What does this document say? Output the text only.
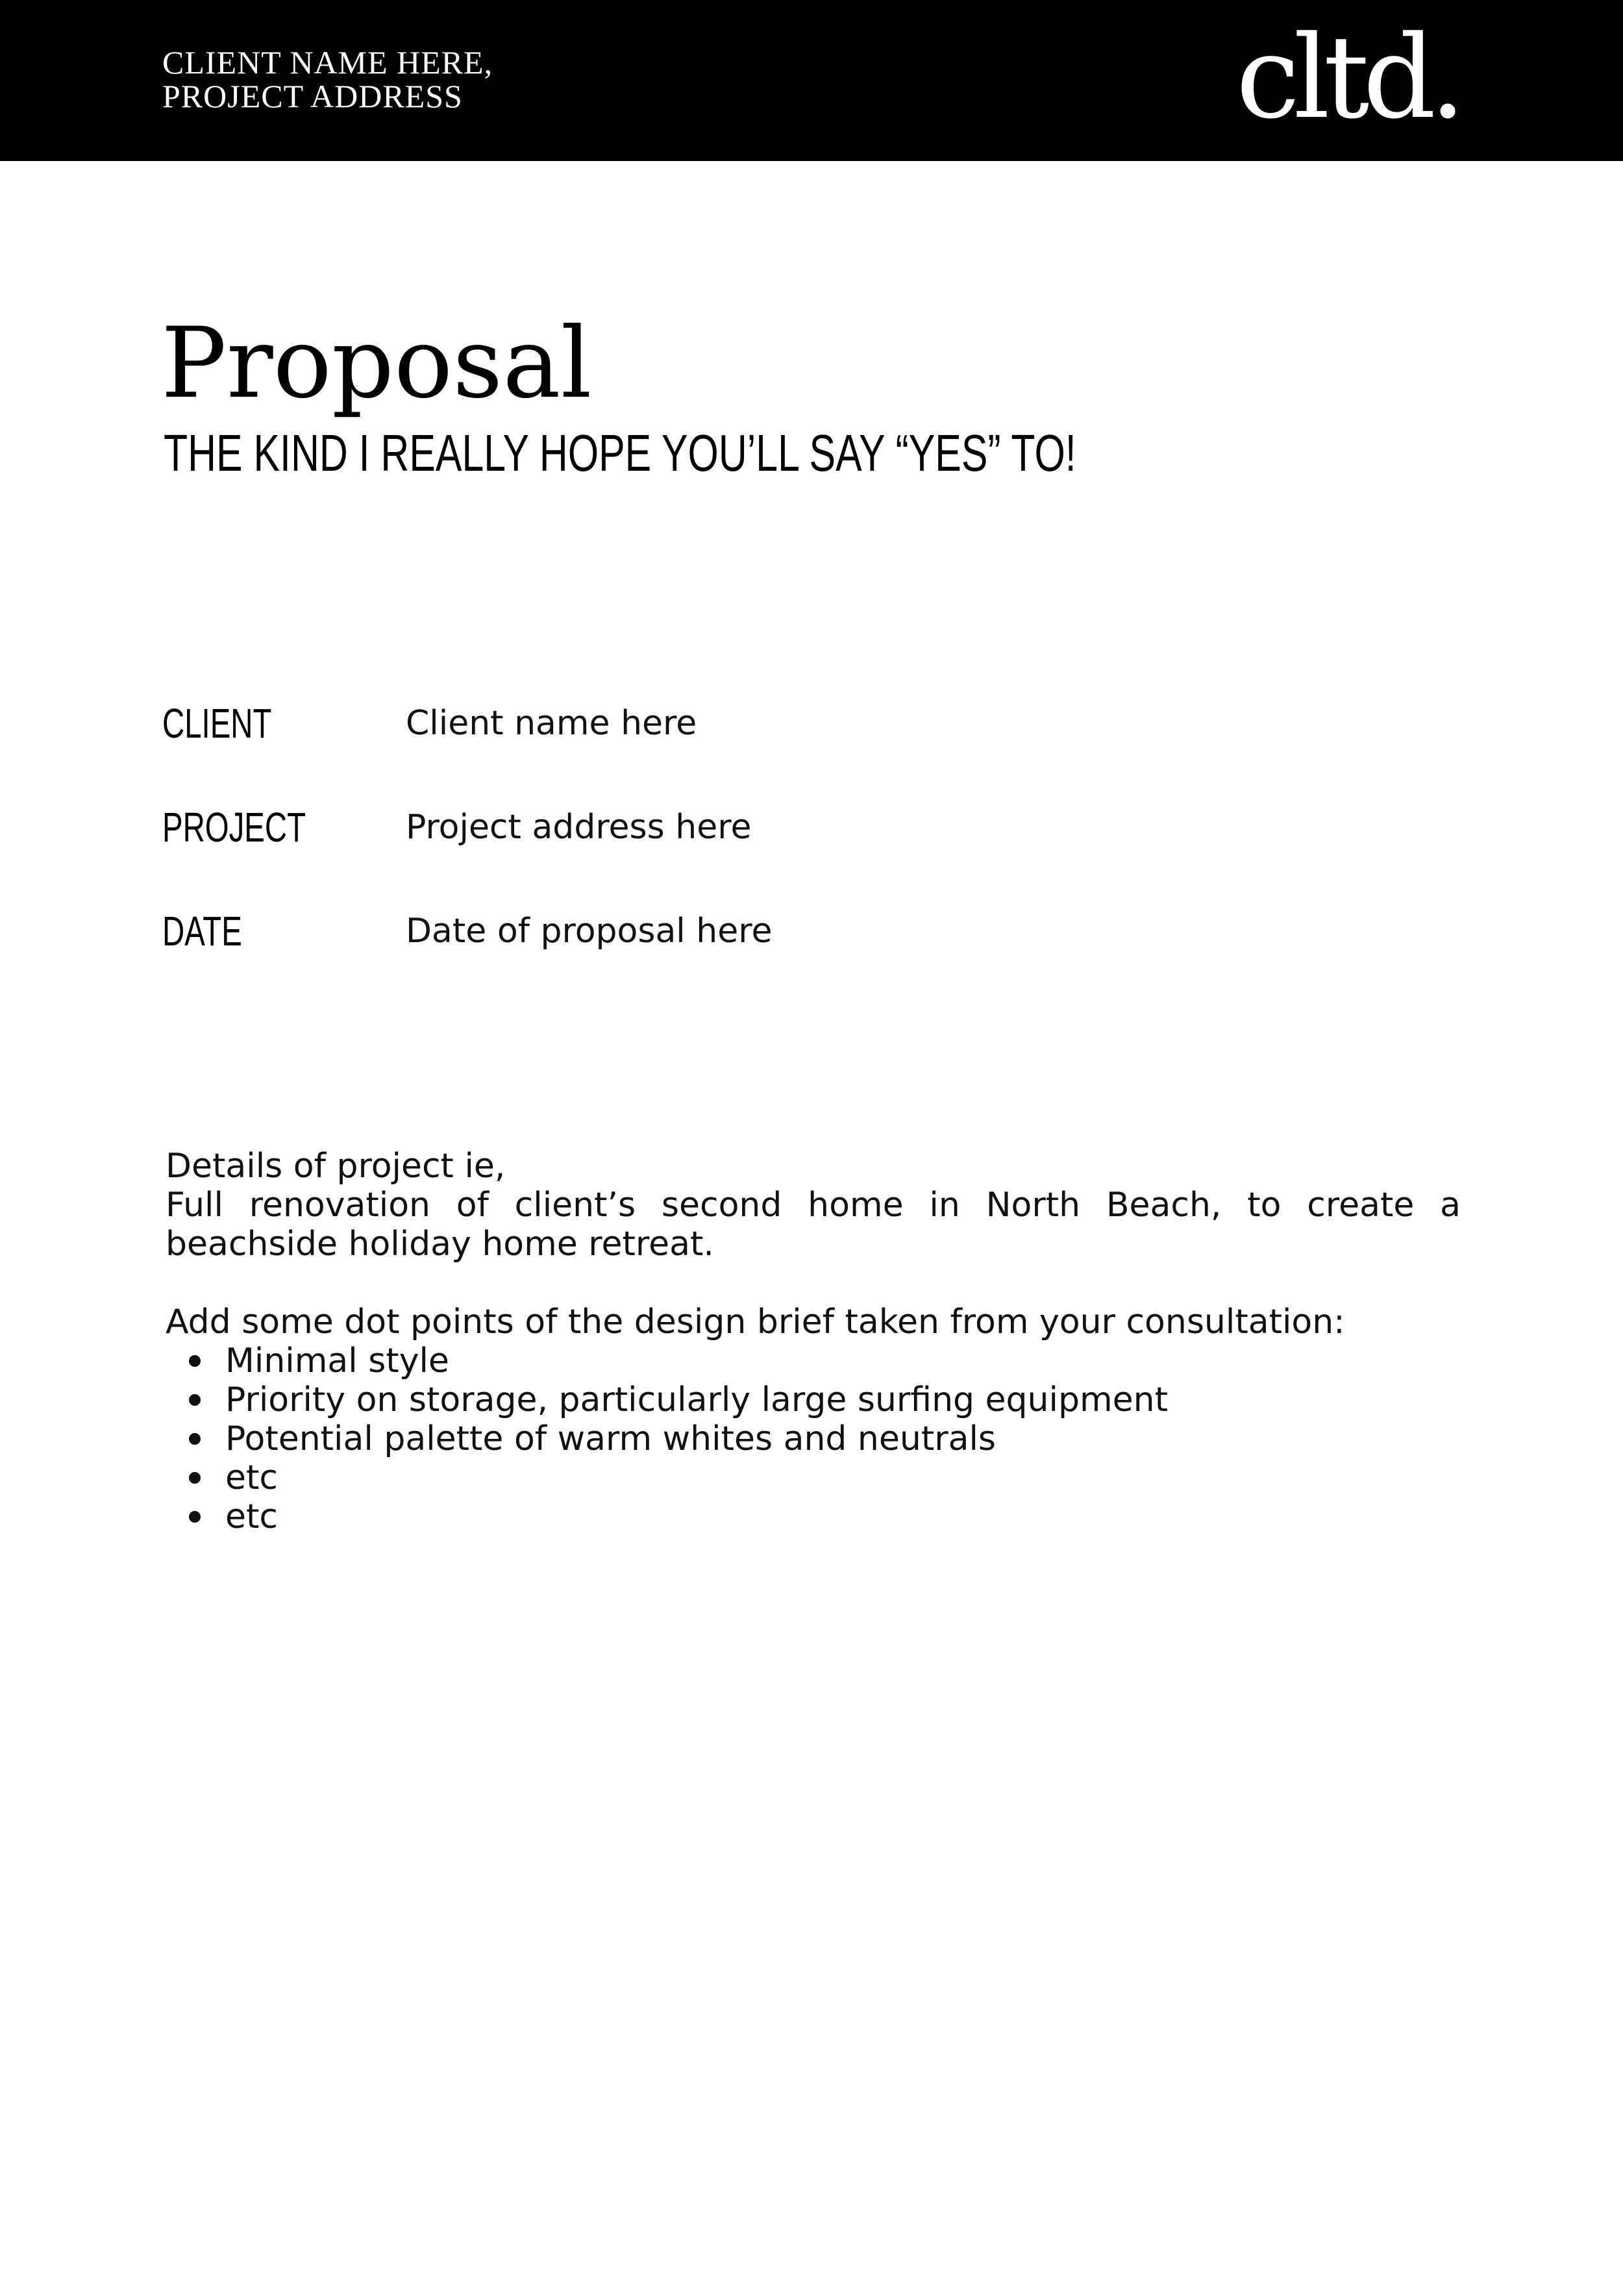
CLIENT NAME HERE,
PROJECT ADDRESS	cltd.
Proposal
THE KIND I REALLY HOPE YOU’LL SAY “YES” TO!
CLIENT	Client name here
PROJECT	Project address here
DATE	Date of proposal here

Details of project ie,

Full renovation of client’s second home in North Beach, to create a beachside holiday home retreat.

Add some dot points of the design brief taken from your consultation:

Minimal style
Priority on storage, particularly large surfing equipment
Potential palette of warm whites and neutrals
etc
etc
